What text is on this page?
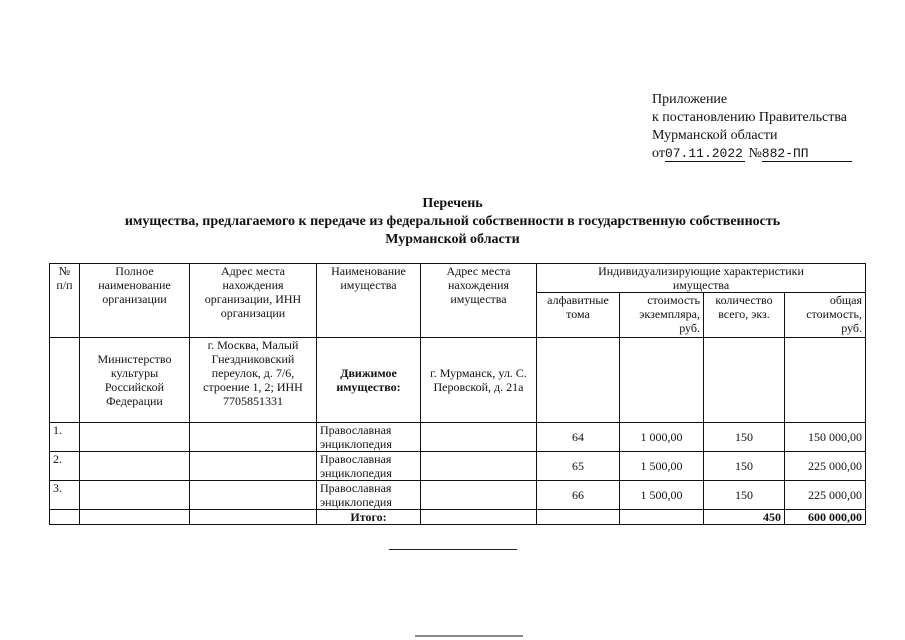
Приложение
к постановлению Правительства
Мурманской области
от07.11.2022 №882-ПП
Перечень
имущества, предлагаемого к передаче из федеральной собственности в государственную собственность
Мурманской области
№ п/п	Полное наименование организации	Адрес места нахождения организации, ИНН организации	Наименование имущества	Адрес места нахождения имущества	Индивидуализирующие характеристики имущества			
					алфавитные тома	стоимость экземпляра, руб.	количество всего, экз.	общая стоимость, руб.
	Министерство культуры Российской Федерации	г. Москва, Малый Гнездниковский переулок, д. 7/6, строение 1, 2; ИНН 7705851331	Движимое имущество:	г. Мурманск, ул. С. Перовской, д. 21а				
1.			Православная энциклопедия		64	1 000,00	150	150 000,00
2.			Православная энциклопедия		65	1 500,00	150	225 000,00
3.			Православная энциклопедия		66	1 500,00	150	225 000,00
			Итого:				450	600 000,00
